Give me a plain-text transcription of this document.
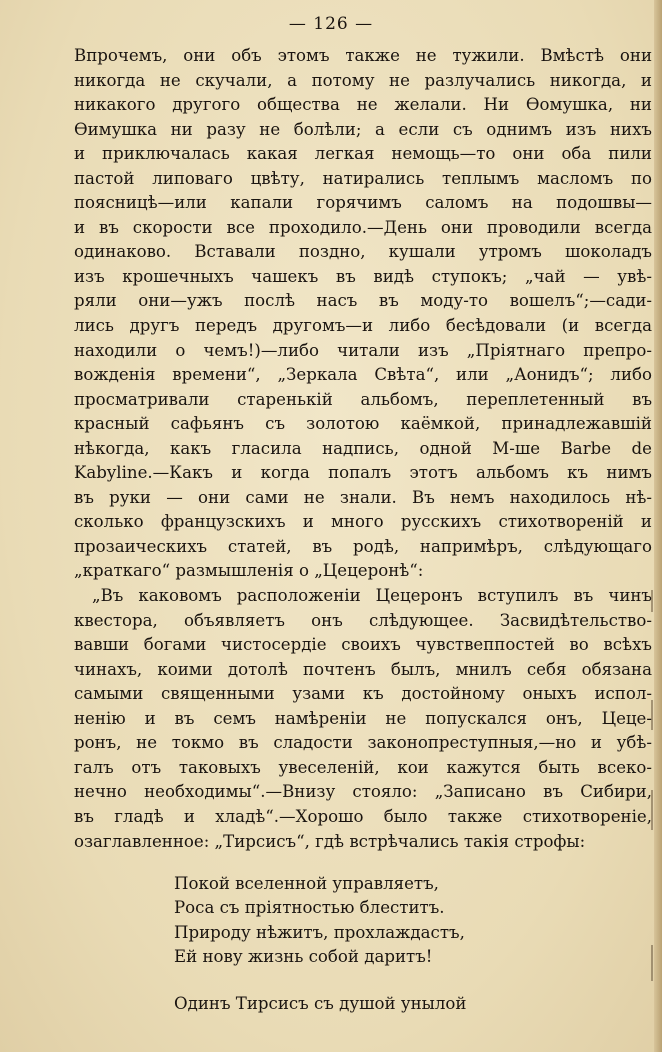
— 126 —
Впрочемъ, они объ этомъ также не тужили. Вмѣстѣ они
никогда не скучали, а потому не разлучались никогда, и
никакого другого общества не желали. Ни Ѳомушка, ни
Ѳимушка ни разу не болѣли; а если съ однимъ изъ нихъ
и приключалась какая легкая немощь—то они оба пили
пастой липоваго цвѣту, натирались теплымъ масломъ по
поясницѣ—или капали горячимъ саломъ на подошвы—
и въ скорости все проходило.—День они проводили всегда
одинаково. Вставали поздно, кушали утромъ шоколадъ
изъ крошечныхъ чашекъ въ видѣ ступокъ; „чай — увѣ-
ряли они—ужъ послѣ насъ въ моду-то вошелъ“;—сади-
лись другъ передъ другомъ—и либо бесѣдовали (и всегда
находили о чемъ!)—либо читали изъ „Пріятнаго препро-
вожденія времени“, „Зеркала Свѣта“, или „Аонидъ“; либо
просматривали старенькій альбомъ, переплетенный въ
красный сафьянъ съ золотою каёмкой, принадлежавшій
нѣкогда, какъ гласила надпись, одной М-ше Barbe de
Kabyline.—Какъ и когда попалъ этотъ альбомъ къ нимъ
въ руки — они сами не знали. Въ немъ находилось нѣ-
сколько французскихъ и много русскихъ стихотвореній и
прозаическихъ статей, въ родѣ, напримѣръ, слѣдующаго
„краткаго“ размышленія о „Цецеронѣ“:
„Въ каковомъ расположеніи Цецеронъ вступилъ въ чинъ
квестора, объявляетъ онъ слѣдующее. Засвидѣтельство-
вавши богами чистосердіе своихъ чувствеппостей во всѣхъ
чинахъ, коими дотолѣ почтенъ былъ, мнилъ себя обязана
самыми священными узами къ достойному оныхъ испол-
ненію и въ семъ намѣреніи не попускался онъ, Цеце-
ронъ, не токмо въ сладости законопреступныя,—но и убѣ-
галъ отъ таковыхъ увеселеній, кои кажутся быть всеко-
нечно необходимы“.—Внизу стояло: „Записано въ Сибири,
въ гладѣ и хладѣ“.—Хорошо было также стихотвореніе,
озаглавленное: „Тирсисъ“, гдѣ встрѣчались такія строфы:
Покой вселенной управляетъ,
Роса съ пріятностью блеститъ.
Природу нѣжитъ, прохлаждастъ,
Ей нову жизнь собой даритъ!
Одинъ Тирсисъ съ душой унылой
